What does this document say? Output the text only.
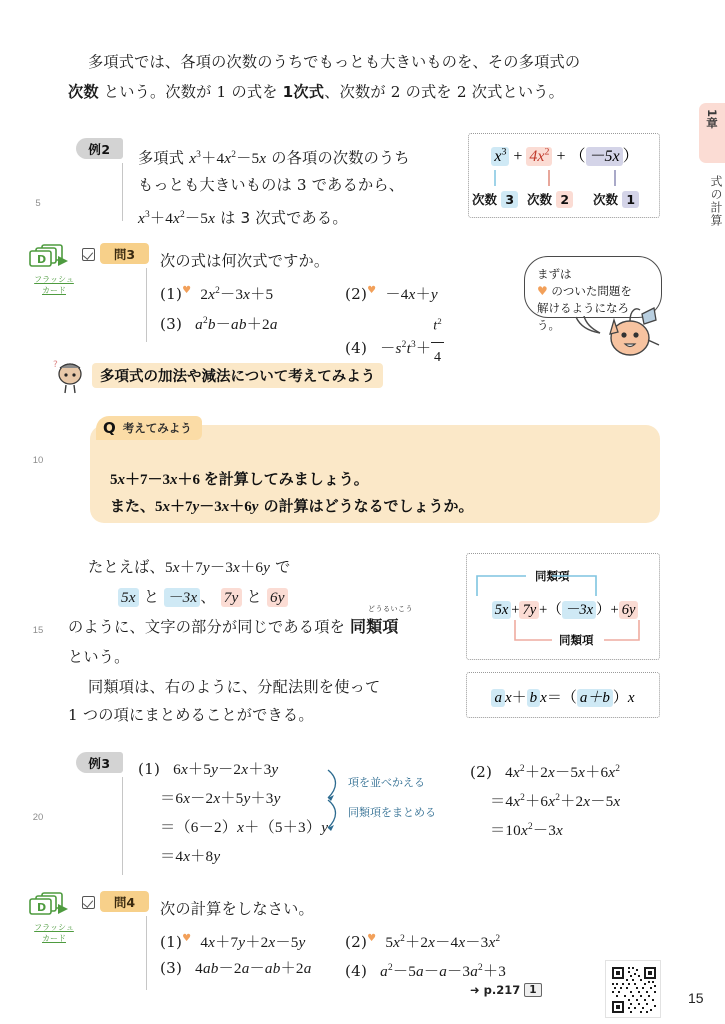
5
10
15
20
1章
式の計算
多項式では、各項の次数のうちでもっとも大きいものを、その多項式の
次数 という。次数が 1 の式を 1次式、次数が 2 の式を 2 次式という。
例2
多項式 $x^3+4x^2-5x$ の各項の次数のうち
もっとも大きいものは 3 であるから、
$x^3+4x^2-5x$ は 3 次式である。
$x^3 + 4x^2$ + （ －5x ）
次数 3	次数 2	次数 1
D
フラッシュ
カード
問3	次の式は何次式ですか。
(1)♥  $2x^2-3x+5$	(2)♥  －4x＋y
(3)   $a^2b-ab+2a$
$(4) -s^2t^3+ \frac{t^2}{4}$
まずは
♥ のついた問題を
解けるようになろう。
?
多項式の加法や減法について考えてみよう
Q 考えてみよう
5x＋7－3x＋6 を計算してみましょう。
また、5x＋7y－3x＋6y の計算はどうなるでしょうか。
たとえば、5x＋7y－3x＋6y で
5x と －3x 、 7y と 6y
のように、文字の部分が同じである項を 同類項
どうるいこう
という。
同類項は、右のように、分配法則を使って
1 つの項にまとめることができる。
同類項
5x + 7y +（ －3x ）+ 6y
同類項
a x＋ b x＝（ a＋b ）x
例3	(1)   6x＋5y－2x＋3y
＝6x－2x＋5y＋3y
＝（6－2）x＋（5＋3）y
＝4x＋8y
項を並べかえる
同類項をまとめる
(2)   $4x^2+2x-5x+6x^2$
$=4x^2+6x^2+2x-5x$
$=10x^2-3x$
D
フラッシュ
カード
問4	次の計算をしなさい。
(1)♥  4x＋7y＋2x－5y	(2)♥  $5x^2+2x-4x-3x^2$
(3)   4ab－2a－ab＋2a (4)   $a^2-5a-a-3a^2+3$
➜ p.217 1	15
